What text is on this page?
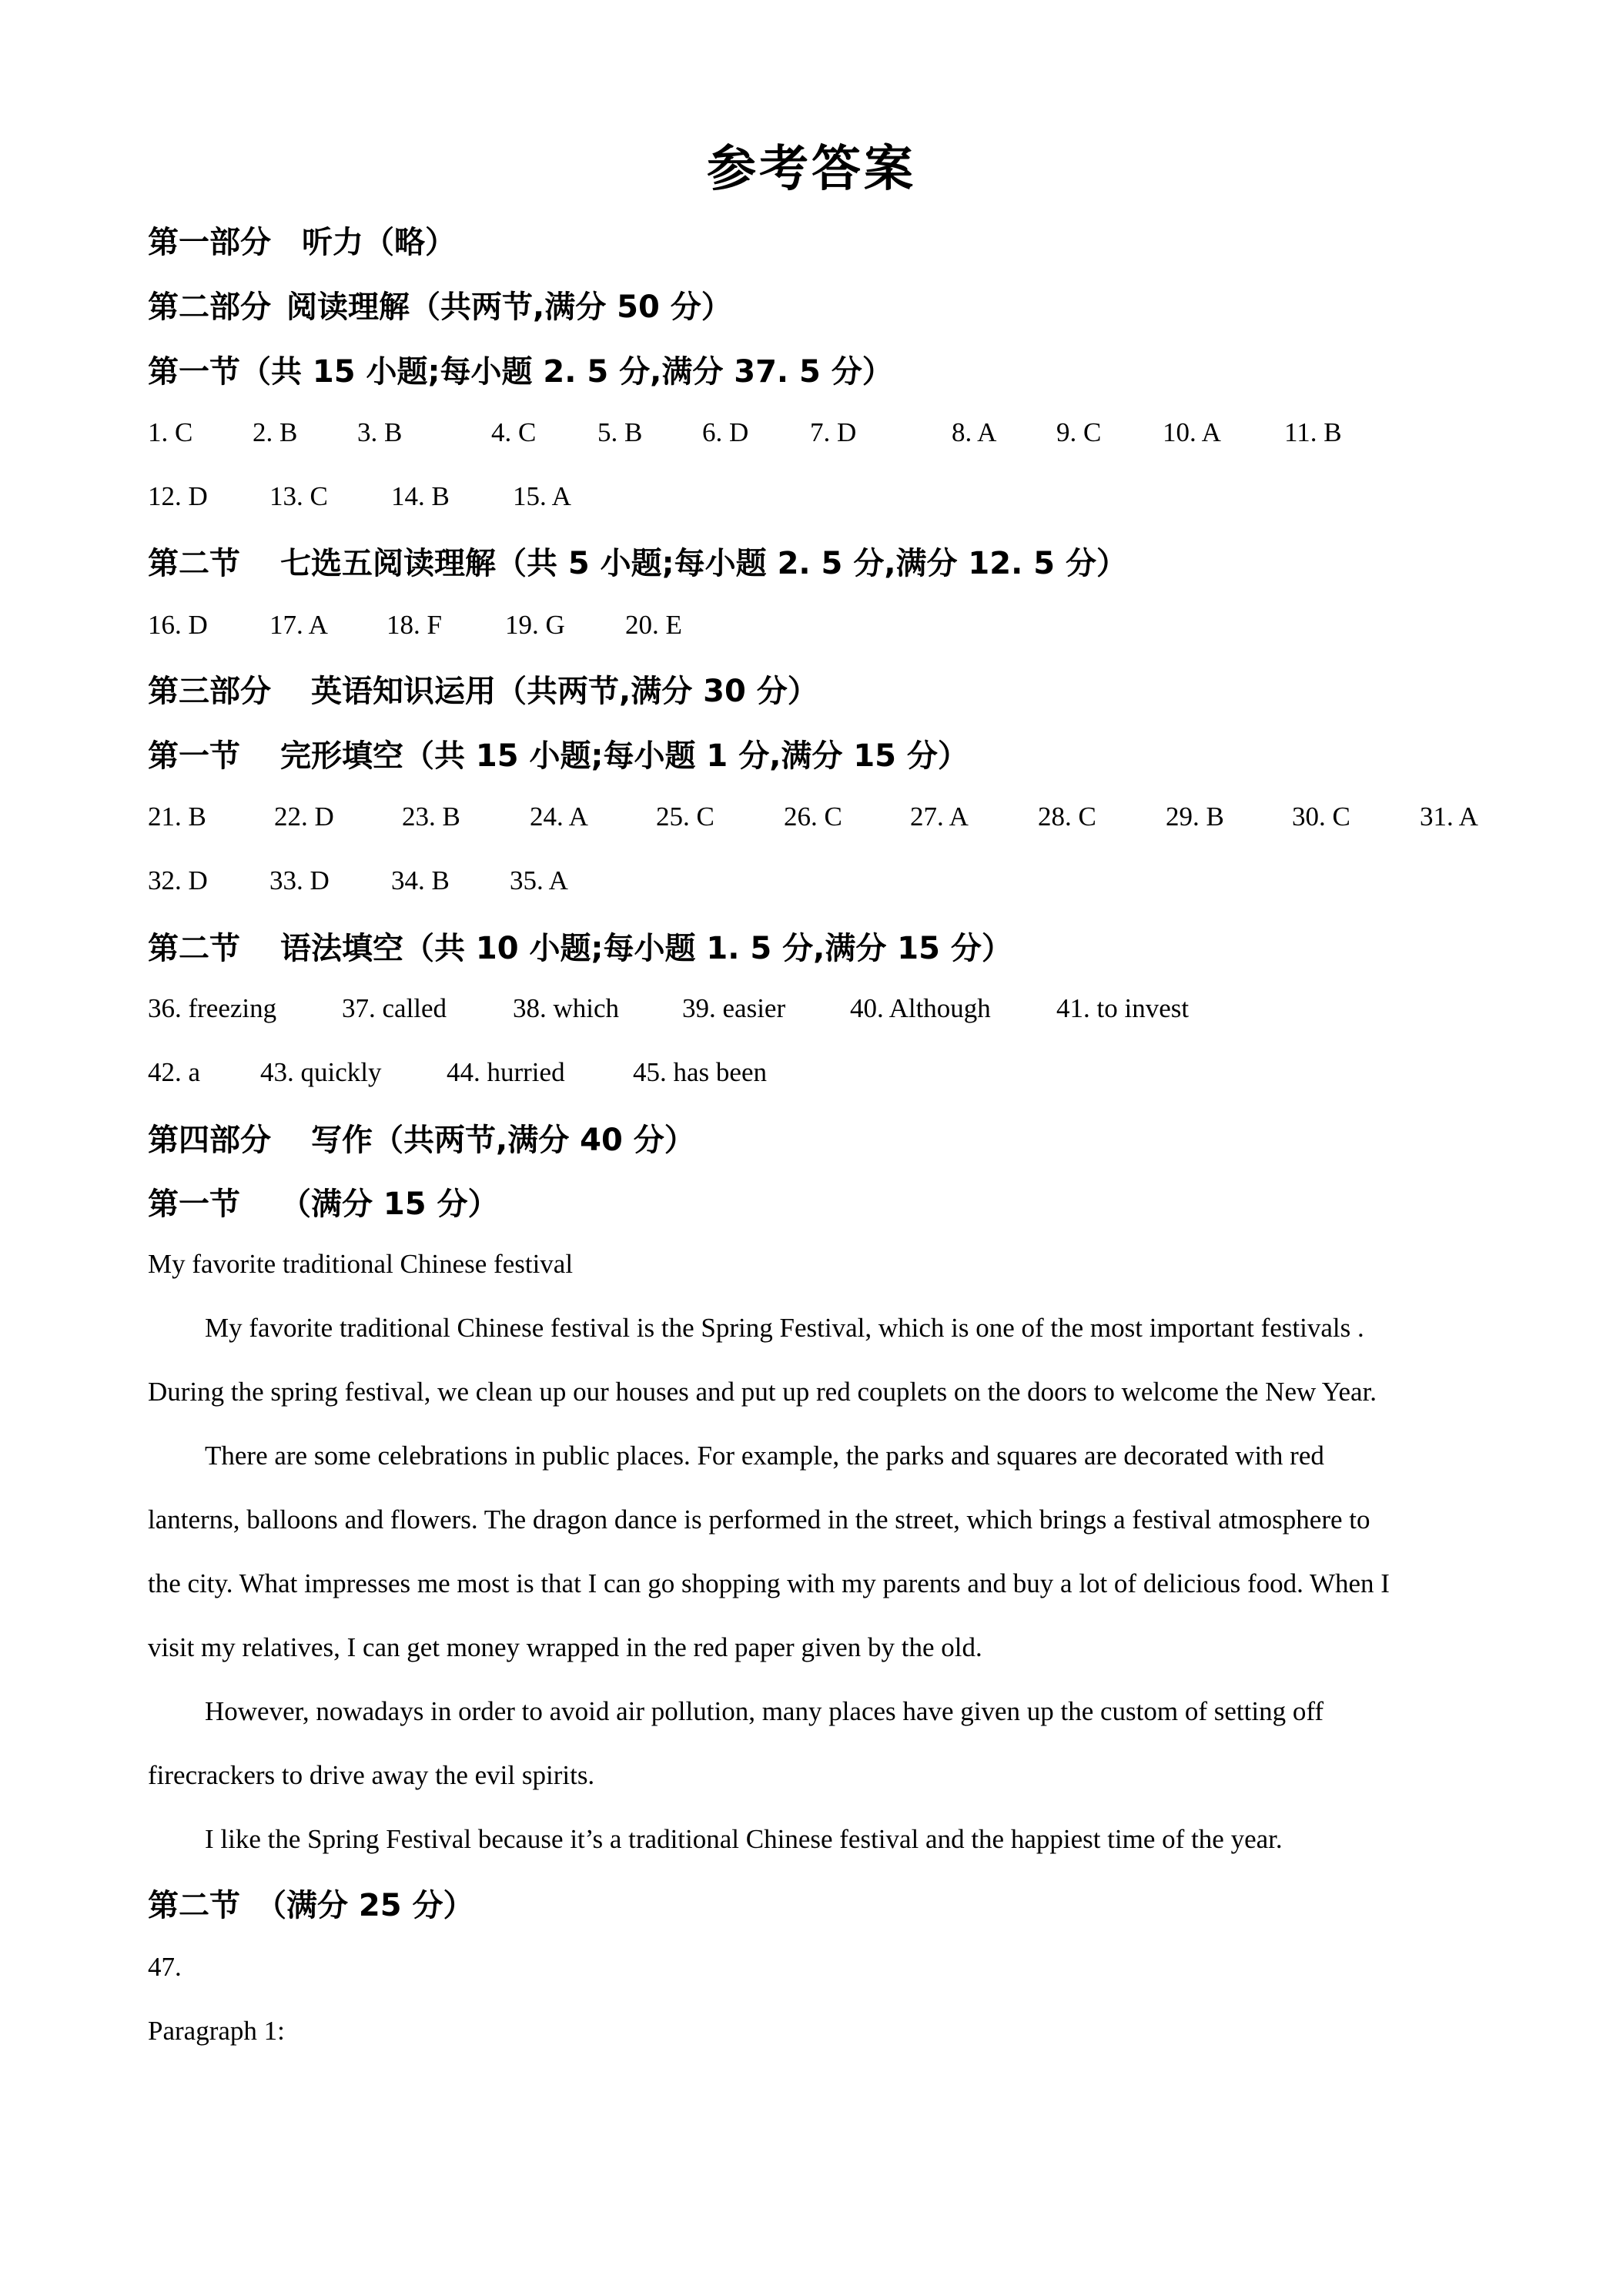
参考答案
第一部分　听力（略）
第二部分 阅读理解（共两节,满分 50 分）
第一节（共 15 小题;每小题 2. 5 分,满分 37. 5 分）
1. C 2. B 3. B	4. C 5. B 6. D 7. D	8. A 9. C 10. A 11. B
12. D 13. C 14. B 15. A
第二节 七选五阅读理解（共 5 小题;每小题 2. 5 分,满分 12. 5 分）
16. D 17. A 18. F 19. G 20. E
第三部分 英语知识运用（共两节,满分 30 分）
第一节 完形填空（共 15 小题;每小题 1 分,满分 15 分）
21. B	22. D	23. B	24. A	25. C	26. C	27. A	28. C	29. B	30. C	31. A
32. D 33. D 34. B 35. A
第二节 语法填空（共 10 小题;每小题 1. 5 分,满分 15 分）
36. freezing 37. called 38. which 39. easier 40. Although 41. to invest
42. a 43. quickly 44. hurried	45. has been
第四部分 写作（共两节,满分 40 分）
第一节 （满分 15 分）
My favorite traditional Chinese festival
My favorite traditional Chinese festival is the Spring Festival, which is one of the most important festivals .
During the spring festival, we clean up our houses and put up red couplets on the doors to welcome the New Year.
There are some celebrations in public places. For example, the parks and squares are decorated with red
lanterns, balloons and flowers. The dragon dance is performed in the street, which brings a festival atmosphere to
the city. What impresses me most is that I can go shopping with my parents and buy a lot of delicious food. When I
visit my relatives, I can get money wrapped in the red paper given by the old.
However, nowadays in order to avoid air pollution, many places have given up the custom of setting off
firecrackers to drive away the evil spirits.
I like the Spring Festival because it’s a traditional Chinese festival and the happiest time of the year.
第二节 （满分 25 分）
47.
Paragraph 1:
